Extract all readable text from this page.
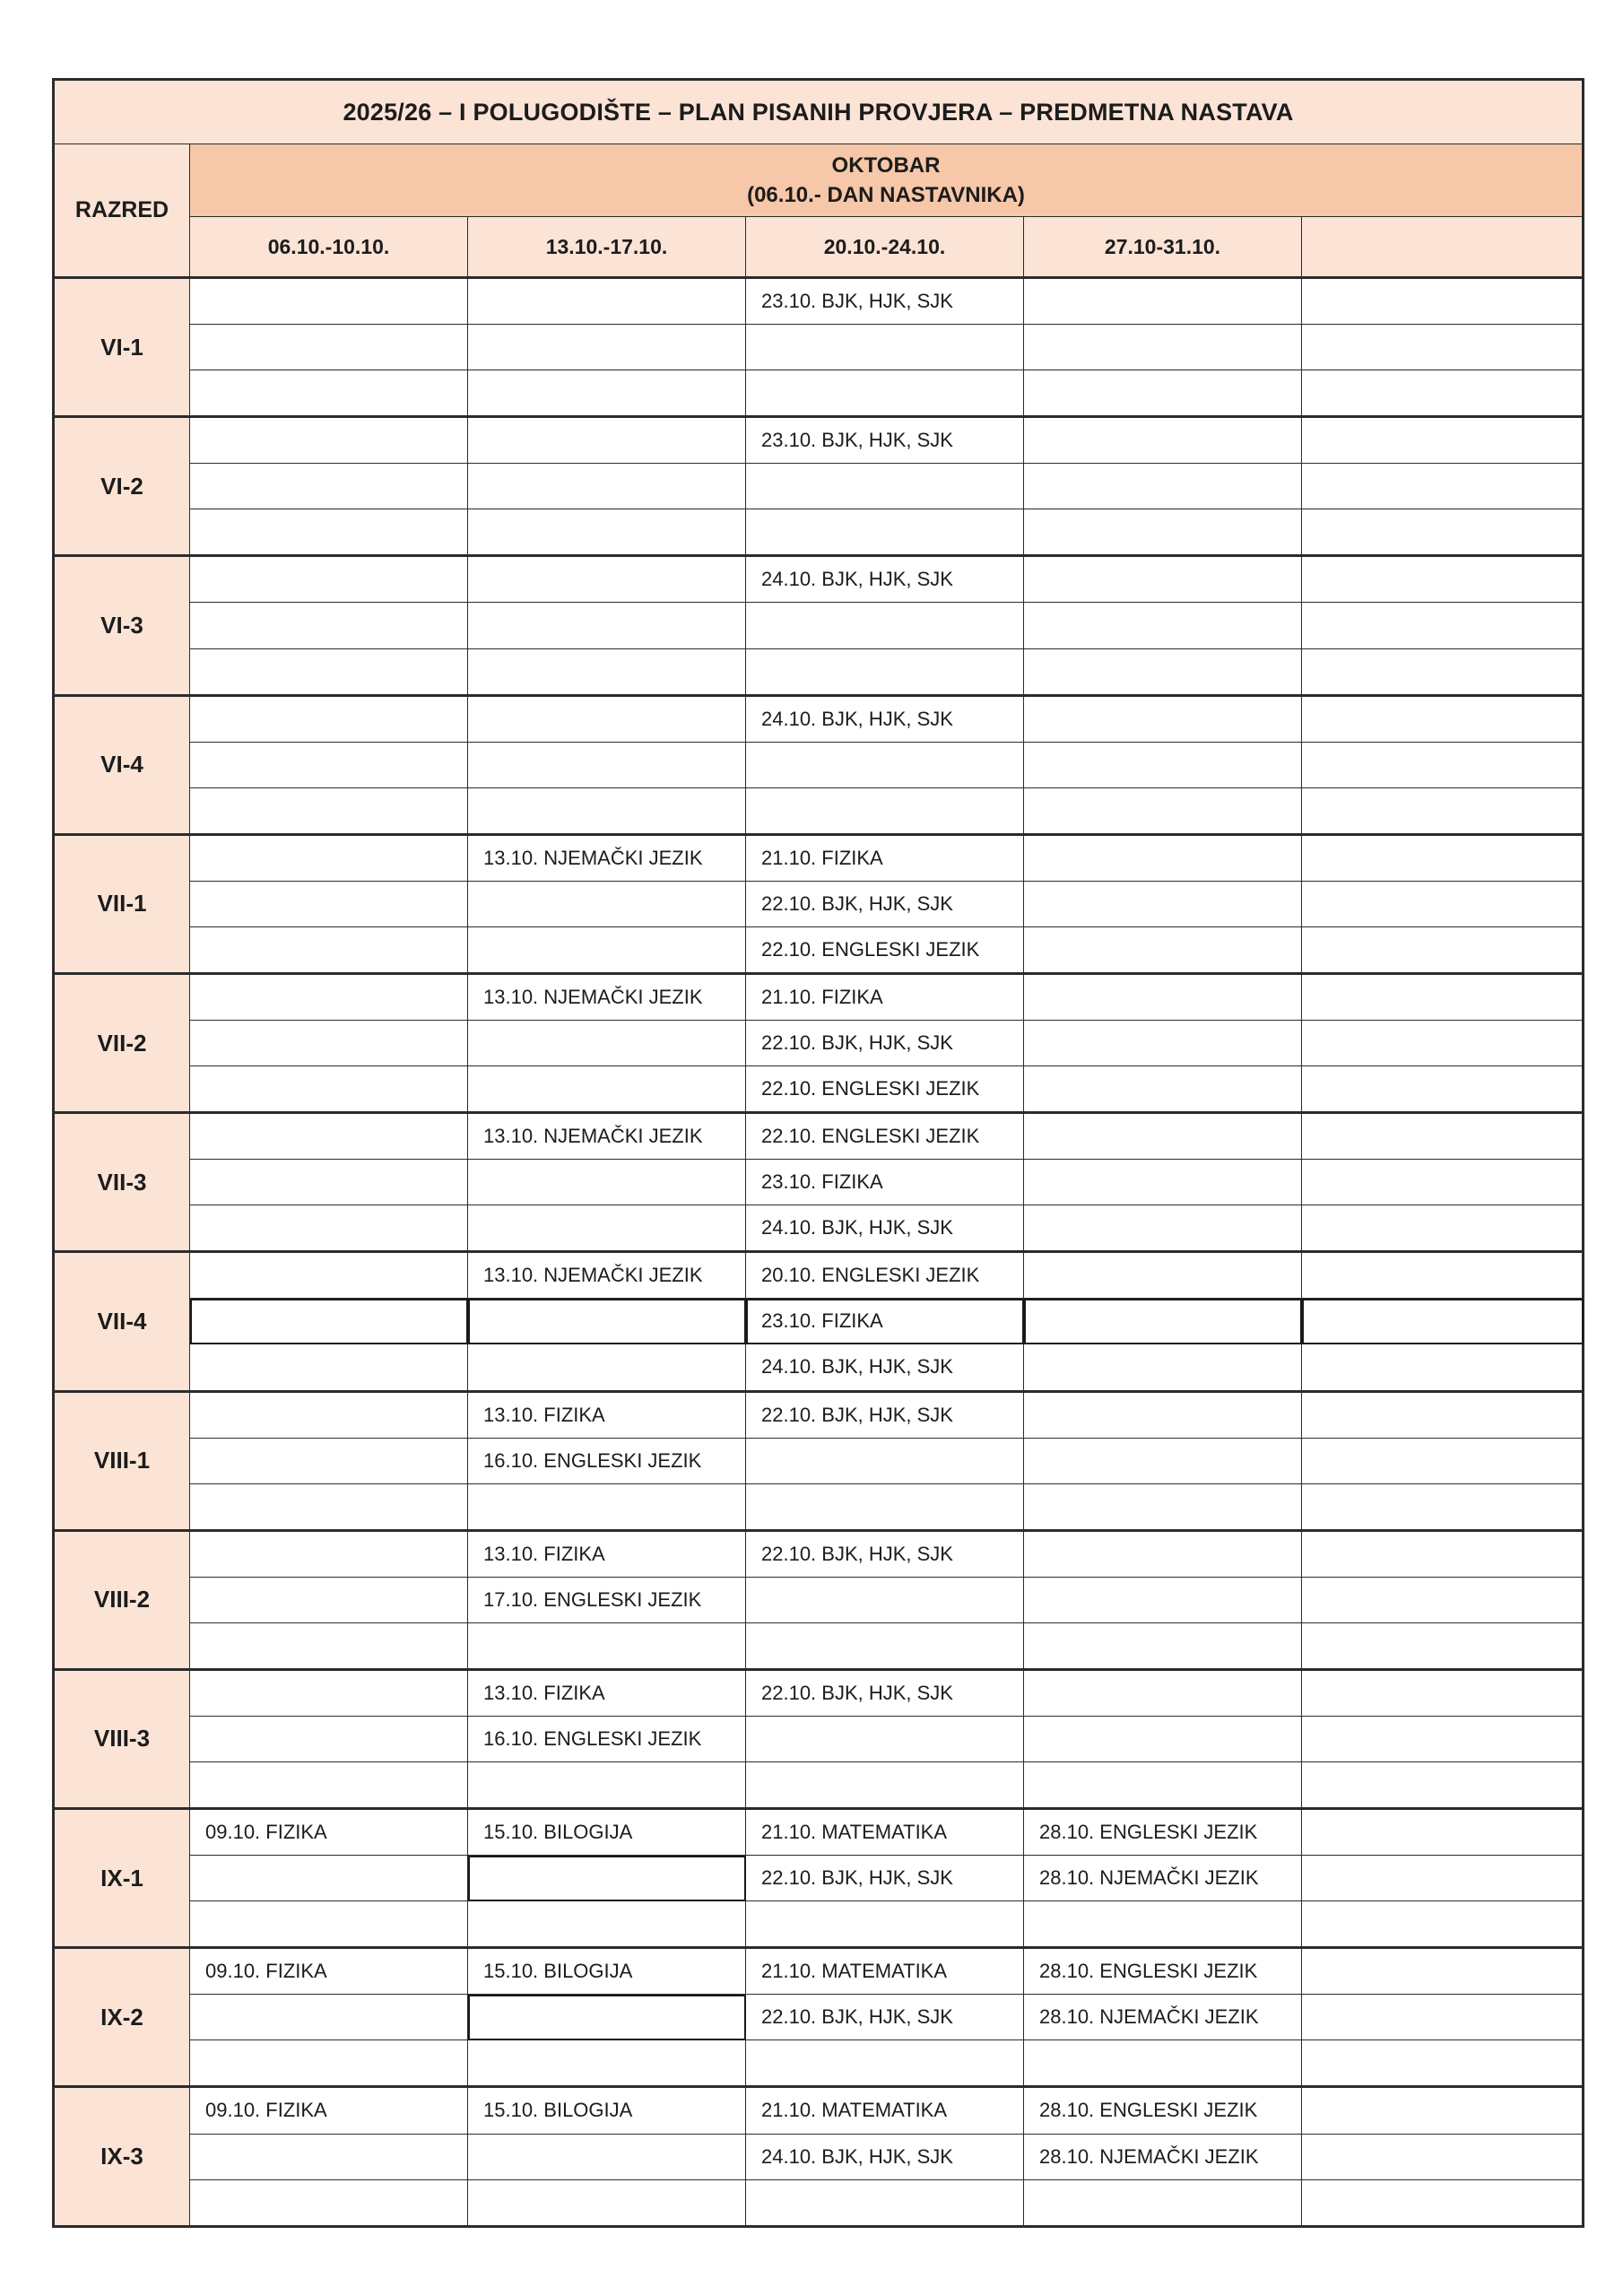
2025/26 – I POLUGODIŠTE – PLAN PISANIH PROVJERA – PREDMETNA NASTAVA					
RAZRED	OKTOBAR
(06.10.- DAN NASTAVNIKA)				

	06.10.-10.10.	13.10.-17.10.	20.10.-24.10.	27.10-31.10.	
VI-1			23.10. BJK, HJK, SJK		

VI-2			23.10. BJK, HJK, SJK		

VI-3			24.10. BJK, HJK, SJK		

VI-4			24.10. BJK, HJK, SJK		

VII-1		13.10. NJEMAČKI JEZIK	21.10. FIZIKA		
			22.10. BJK, HJK, SJK		
			22.10. ENGLESKI JEZIK		
VII-2		13.10. NJEMAČKI JEZIK	21.10. FIZIKA		
			22.10. BJK, HJK, SJK		
			22.10. ENGLESKI JEZIK		
VII-3		13.10. NJEMAČKI JEZIK	22.10. ENGLESKI JEZIK		
			23.10. FIZIKA		
			24.10. BJK, HJK, SJK		
VII-4		13.10. NJEMAČKI JEZIK	20.10. ENGLESKI JEZIK		
			23.10. FIZIKA		
			24.10. BJK, HJK, SJK		
VIII-1		13.10. FIZIKA	22.10. BJK, HJK, SJK		
		16.10. ENGLESKI JEZIK			

VIII-2		13.10. FIZIKA	22.10. BJK, HJK, SJK		
		17.10. ENGLESKI JEZIK			

VIII-3		13.10. FIZIKA	22.10. BJK, HJK, SJK		
		16.10. ENGLESKI JEZIK			

IX-1	09.10. FIZIKA	15.10. BILOGIJA	21.10. MATEMATIKA	28.10. ENGLESKI JEZIK	
			22.10. BJK, HJK, SJK	28.10. NJEMAČKI JEZIK	

IX-2	09.10. FIZIKA	15.10. BILOGIJA	21.10. MATEMATIKA	28.10. ENGLESKI JEZIK	
			22.10. BJK, HJK, SJK	28.10. NJEMAČKI JEZIK	

IX-3	09.10. FIZIKA	15.10. BILOGIJA	21.10. MATEMATIKA	28.10. ENGLESKI JEZIK	
			24.10. BJK, HJK, SJK	28.10. NJEMAČKI JEZIK	
